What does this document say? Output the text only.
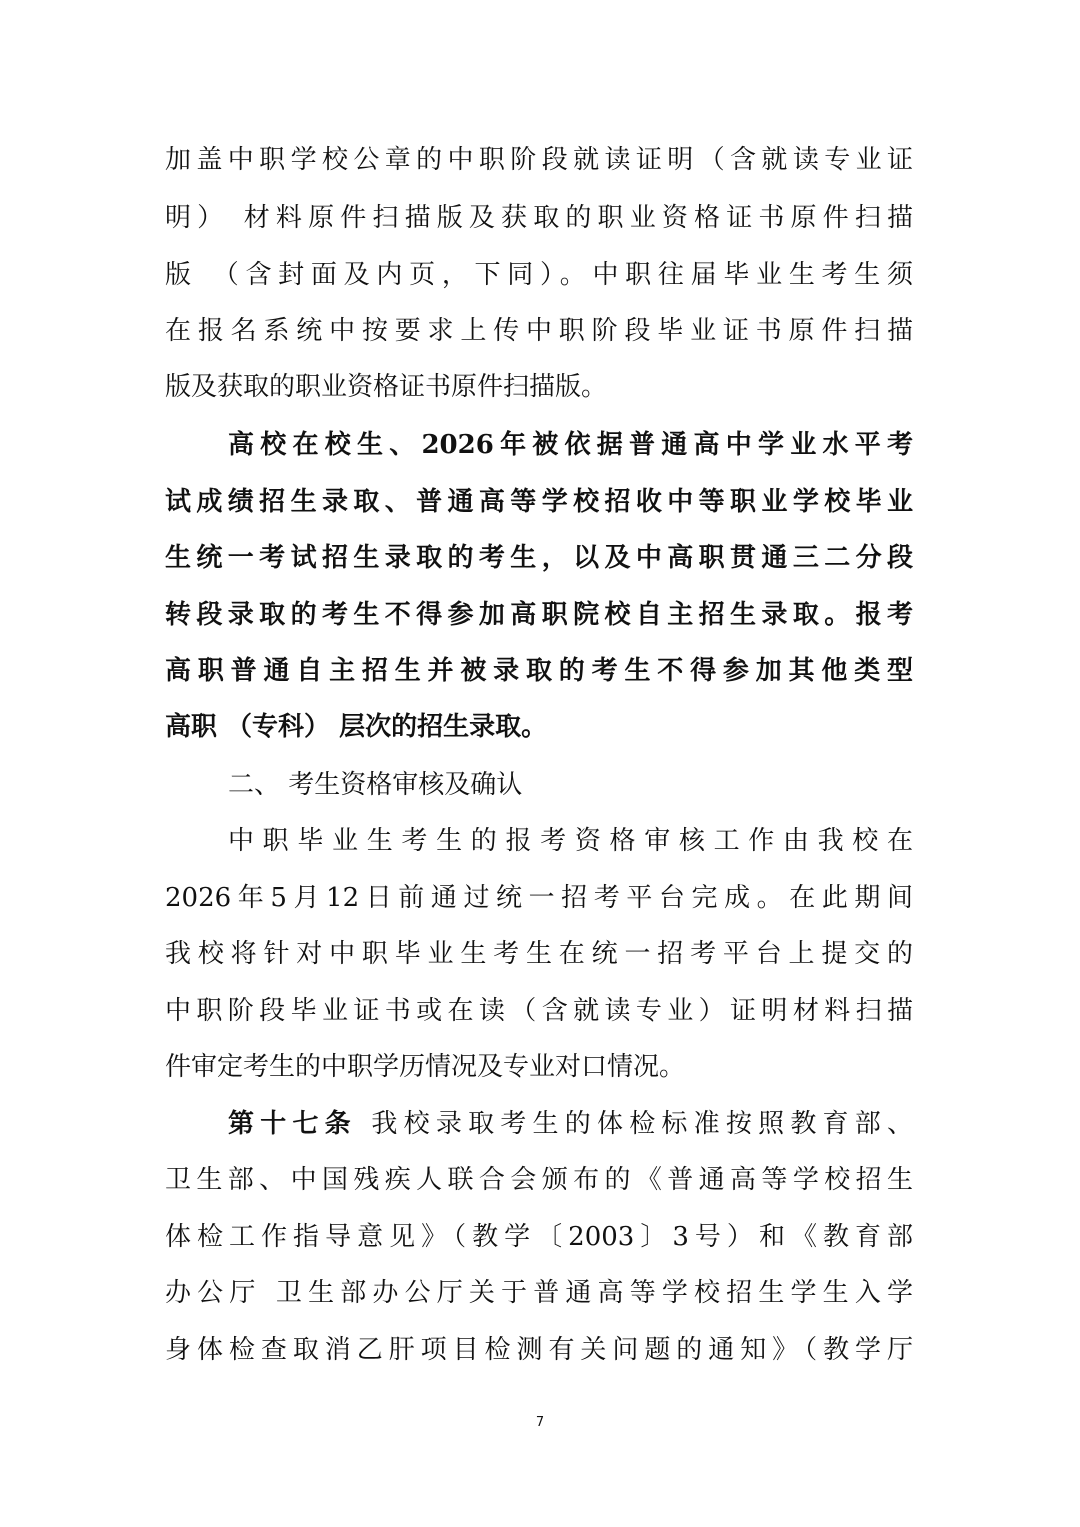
加盖中职学校公章的中职阶段就读证明（含就读专业证
明） 材料原件扫描版及获取的职业资格证书原件扫描
版 （含封面及内页，下同）。中职往届毕业生考生须
在报名系统中按要求上传中职阶段毕业证书原件扫描
版及获取的职业资格证书原件扫描版。
高校在校生、2026年被依据普通高中学业水平考
试成绩招生录取、普通高等学校招收中等职业学校毕业
生统一考试招生录取的考生，以及中高职贯通三二分段
转段录取的考生不得参加高职院校自主招生录取。报考
高职普通自主招生并被录取的考生不得参加其他类型
高职 （专科） 层次的招生录取。
二、 考生资格审核及确认
中职毕业生考生的报考资格审核工作由我校在
2026年5月12日前通过统一招考平台完成。在此期间
我校将针对中职毕业生考生在统一招考平台上提交的
中职阶段毕业证书或在读（含就读专业）证明材料扫描
件审定考生的中职学历情况及专业对口情况。
第十七条 我校录取考生的体检标准按照教育部、
卫生部、中国残疾人联合会颁布的《普通高等学校招生
体检工作指导意见》（教学〔2003〕3号）和《教育部
办公厅 卫生部办公厅关于普通高等学校招生学生入学
身体检查取消乙肝项目检测有关问题的通知》（教学厅
7
